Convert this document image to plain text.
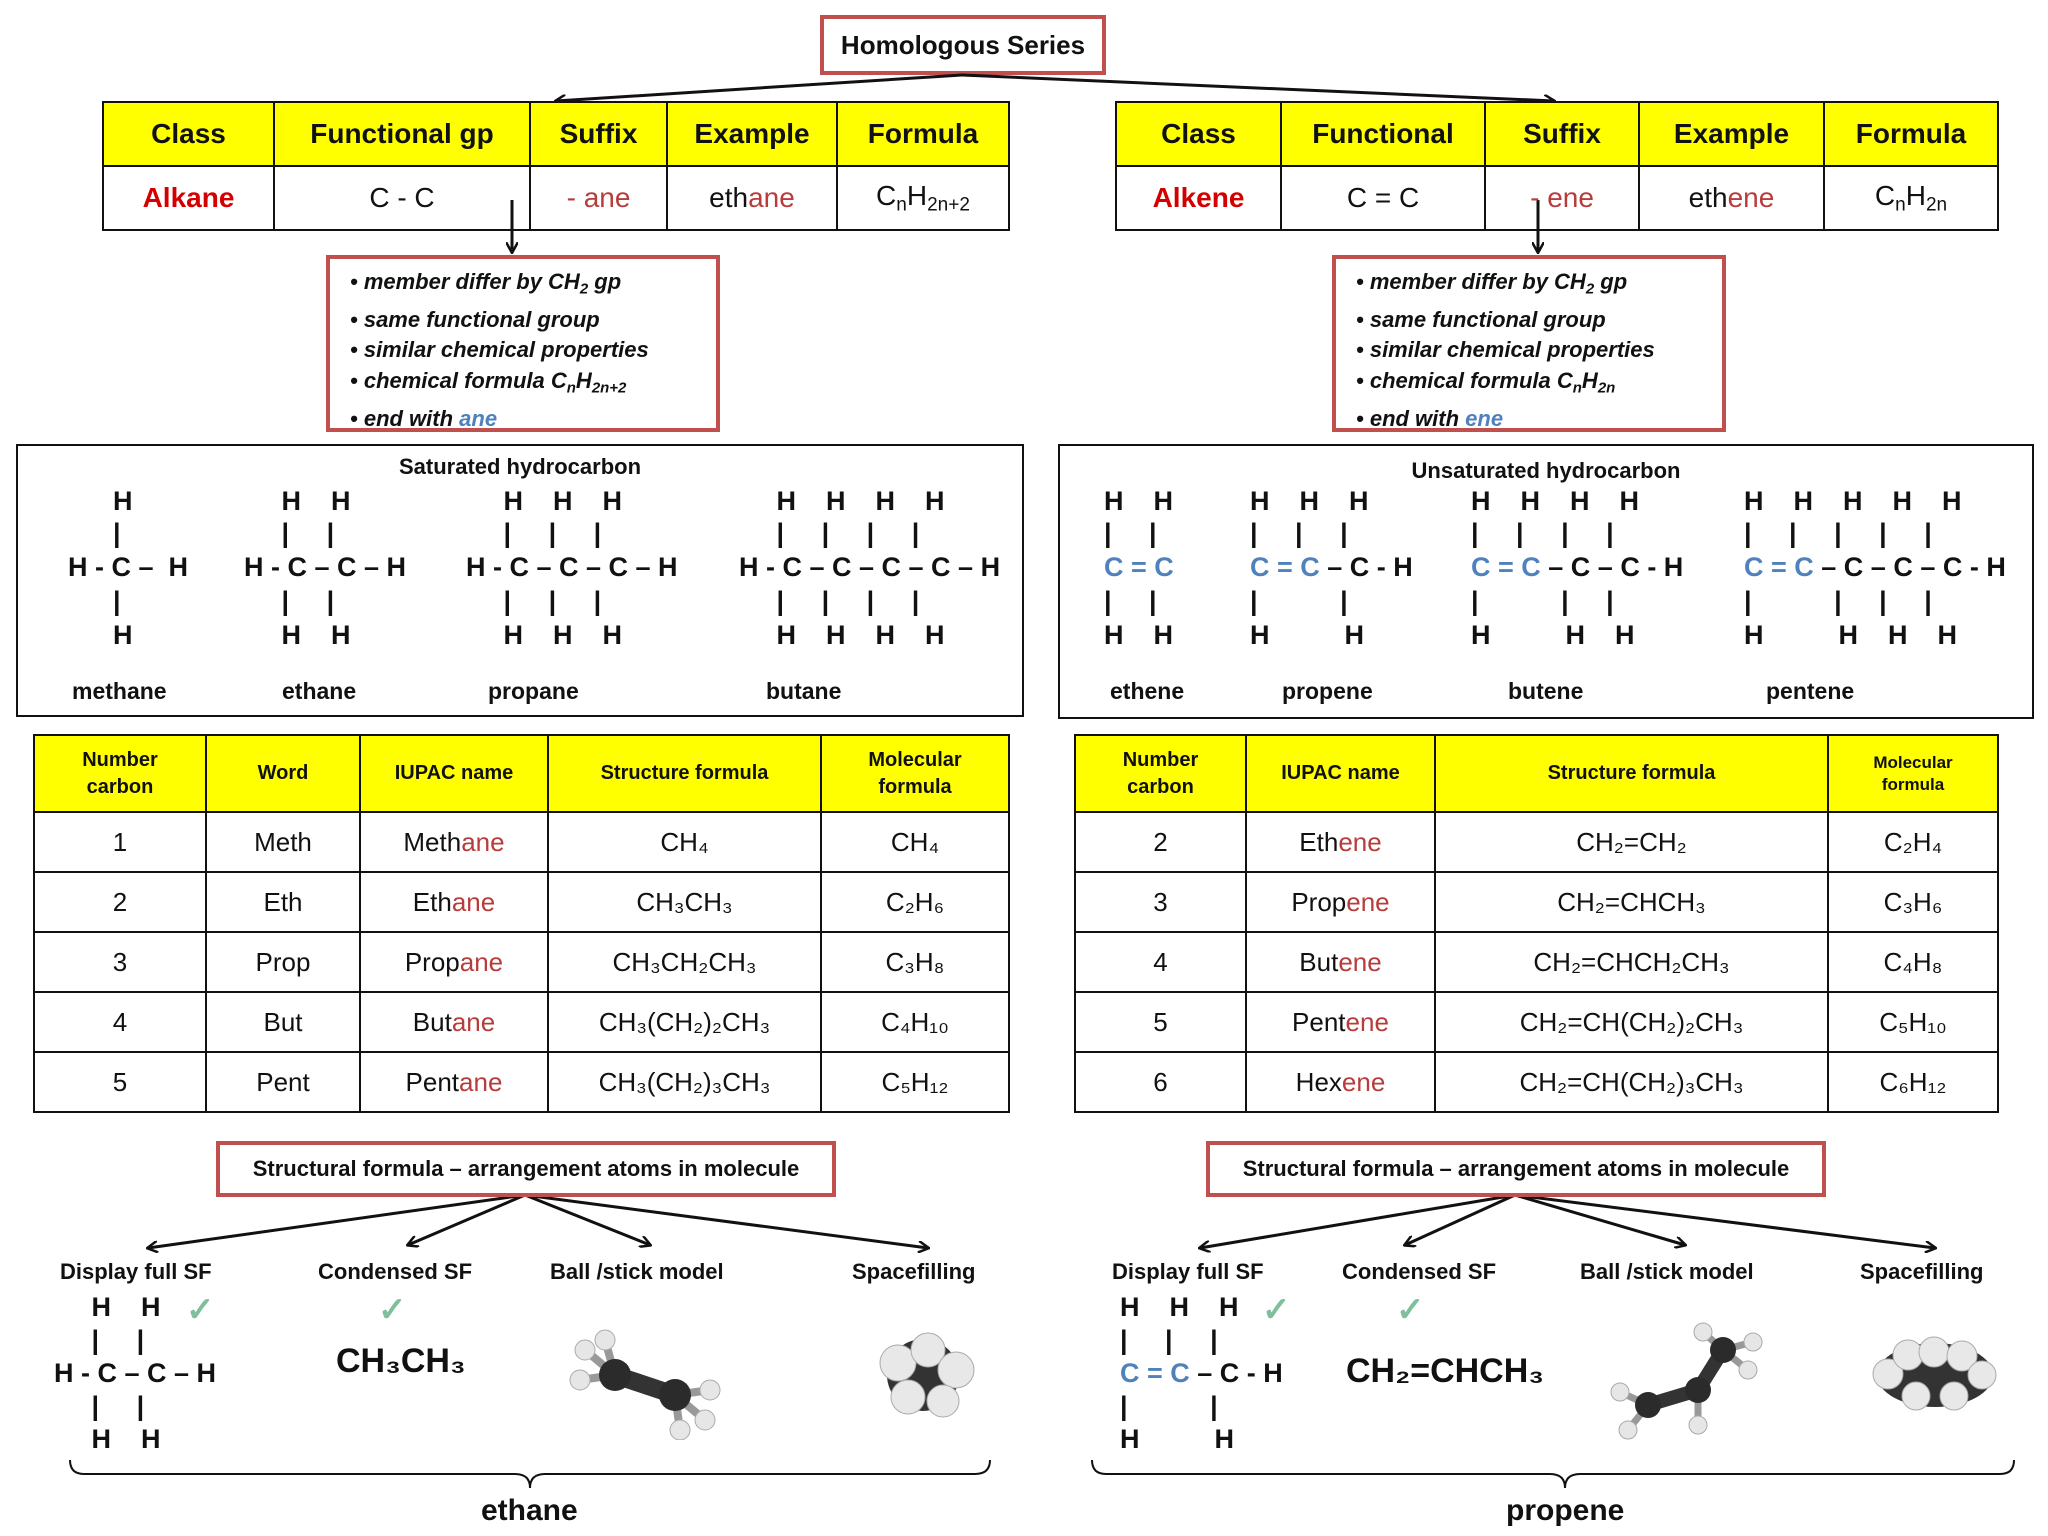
Homologous Series
Class	Functional gp	Suffix	Example	Formula
Alkane	C - C	- ane	ethane	$C_nH_{2n+2}$
Class	Functional	Suffix	Example	Formula
Alkene	C = C	- ene	ethene	$C_nH_{2n}$
• member differ by $CH_2$ gp
• same functional group
• similar chemical properties
• chemical formula $C_nH_{2n+2}$
• end with ane
• member differ by $CH_2$ gp
• same functional group
• similar chemical properties
• chemical formula $C_nH_{2n}$
• end with ene
Saturated hydrocarbon
H
|
H - C –  H
|
H
H    H
|     |
H - C – C – H
|     |
H    H
H    H    H
|     |     |
H - C – C – C – H
|     |     |
H    H    H
H    H    H    H
|     |     |     |
H - C – C – C – C – H
|     |     |     |
H    H    H    H
methane	ethane	propane	butane
Unsaturated hydrocarbon
H    H
|     |
C = C
|     |
H    H
H    H    H
|     |     |
C = C – C - H
|           |
H          H
H    H    H    H
|     |     |     |
C = C – C – C - H
|           |     |
H          H    H
H    H    H    H    H
|     |     |     |     |
C = C – C – C – C - H
|           |     |     |
H          H    H    H
ethene	propene	butene	pentene
Number carbon	Word	IUPAC name	Structure formula	Molecular formula
1	Meth	Methane	CH₄	CH₄
2	Eth	Ethane	CH₃CH₃	C₂H₆
3	Prop	Propane	CH₃CH₂CH₃	C₃H₈
4	But	Butane	CH₃(CH₂)₂CH₃	C₄H₁₀
5	Pent	Pentane	CH₃(CH₂)₃CH₃	C₅H₁₂
Number carbon	IUPAC name	Structure formula	Molecular formula
2	Ethene	CH₂=CH₂	C₂H₄
3	Propene	CH₂=CHCH₃	C₃H₆
4	Butene	CH₂=CHCH₂CH₃	C₄H₈
5	Pentene	CH₂=CH(CH₂)₂CH₃	C₅H₁₀
6	Hexene	CH₂=CH(CH₂)₃CH₃	C₆H₁₂
Structural formula – arrangement atoms in molecule	Structural formula – arrangement atoms in molecule
Display full SF	Condensed SF	Ball /stick model	Spacefilling	Display full SF	Condensed SF	Ball /stick model	Spacefilling
H    H
|     |
H - C – C – H
|     |
H    H
✓	✓
CH₃CH₃
H    H    H
|     |     |
C = C – C - H
|           |
H          H
✓	✓
CH₂=CHCH₃
ethane	propene
